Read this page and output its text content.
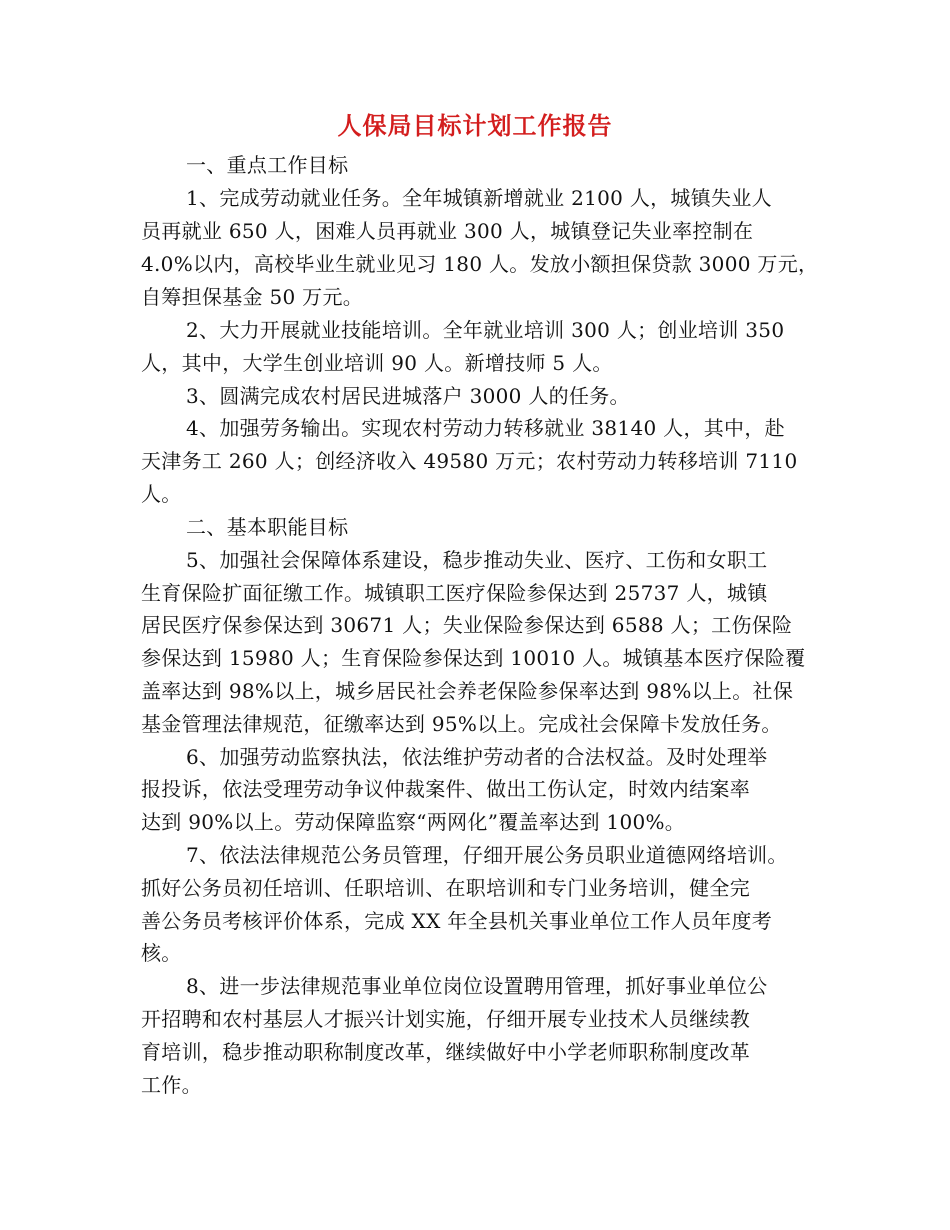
人保局目标计划工作报告
一、重点工作目标
1、完成劳动就业任务。全年城镇新增就业 2100 人，城镇失业人
员再就业 650 人，困难人员再就业 300 人，城镇登记失业率控制在
4.0%以内，高校毕业生就业见习 180 人。发放小额担保贷款 3000 万元，
自筹担保基金 50 万元。
2、大力开展就业技能培训。全年就业培训 300 人；创业培训 350
人，其中，大学生创业培训 90 人。新增技师 5 人。
3、圆满完成农村居民进城落户 3000 人的任务。
4、加强劳务输出。实现农村劳动力转移就业 38140 人，其中，赴
天津务工 260 人；创经济收入 49580 万元；农村劳动力转移培训 7110
人。
二、基本职能目标
5、加强社会保障体系建设，稳步推动失业、医疗、工伤和女职工
生育保险扩面征缴工作。城镇职工医疗保险参保达到 25737 人，城镇
居民医疗保参保达到 30671 人；失业保险参保达到 6588 人；工伤保险
参保达到 15980 人；生育保险参保达到 10010 人。城镇基本医疗保险覆
盖率达到 98%以上，城乡居民社会养老保险参保率达到 98%以上。社保
基金管理法律规范，征缴率达到 95%以上。完成社会保障卡发放任务。
6、加强劳动监察执法，依法维护劳动者的合法权益。及时处理举
报投诉，依法受理劳动争议仲裁案件、做出工伤认定，时效内结案率
达到 90%以上。劳动保障监察“两网化”覆盖率达到 100%。
7、依法法律规范公务员管理，仔细开展公务员职业道德网络培训。
抓好公务员初任培训、任职培训、在职培训和专门业务培训，健全完
善公务员考核评价体系，完成 XX 年全县机关事业单位工作人员年度考
核。
8、进一步法律规范事业单位岗位设置聘用管理，抓好事业单位公
开招聘和农村基层人才振兴计划实施，仔细开展专业技术人员继续教
育培训，稳步推动职称制度改革，继续做好中小学老师职称制度改革
工作。
